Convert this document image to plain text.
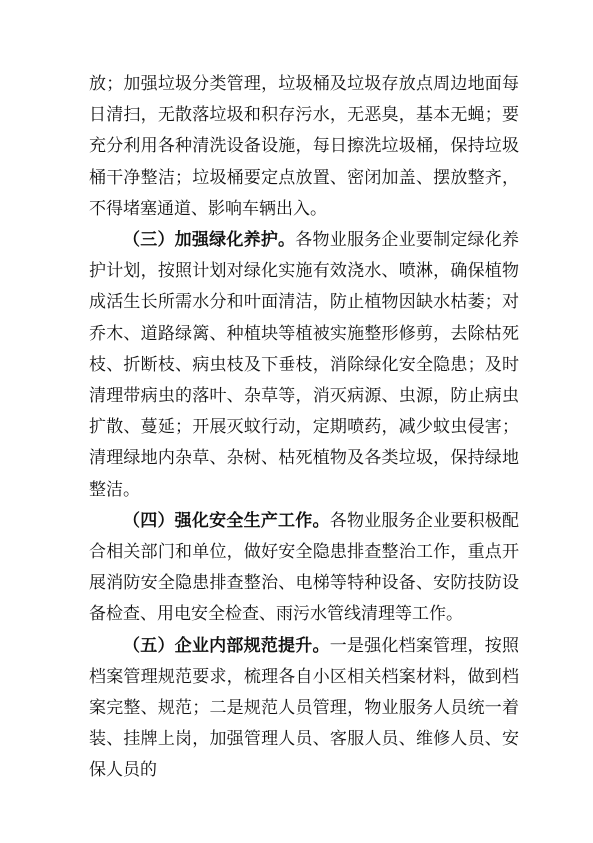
放；加强垃圾分类管理，垃圾桶及垃圾存放点周边地面每日清扫，无散落垃圾和积存污水，无恶臭，基本无蝇；要充分利用各种清洗设备设施，每日擦洗垃圾桶，保持垃圾桶干净整洁；垃圾桶要定点放置、密闭加盖、摆放整齐，不得堵塞通道、影响车辆出入。

（三）加强绿化养护。各物业服务企业要制定绿化养护计划，按照计划对绿化实施有效浇水、喷淋，确保植物成活生长所需水分和叶面清洁，防止植物因缺水枯萎；对乔木、道路绿篱、种植块等植被实施整形修剪，去除枯死枝、折断枝、病虫枝及下垂枝，消除绿化安全隐患；及时清理带病虫的落叶、杂草等，消灭病源、虫源，防止病虫扩散、蔓延；开展灭蚊行动，定期喷药，减少蚊虫侵害；清理绿地内杂草、杂树、枯死植物及各类垃圾，保持绿地整洁。

（四）强化安全生产工作。各物业服务企业要积极配合相关部门和单位，做好安全隐患排查整治工作，重点开展消防安全隐患排查整治、电梯等特种设备、安防技防设备检查、用电安全检查、雨污水管线清理等工作。

（五）企业内部规范提升。一是强化档案管理，按照档案管理规范要求，梳理各自小区相关档案材料，做到档案完整、规范；二是规范人员管理，物业服务人员统一着装、挂牌上岗，加强管理人员、客服人员、维修人员、安保人员的
